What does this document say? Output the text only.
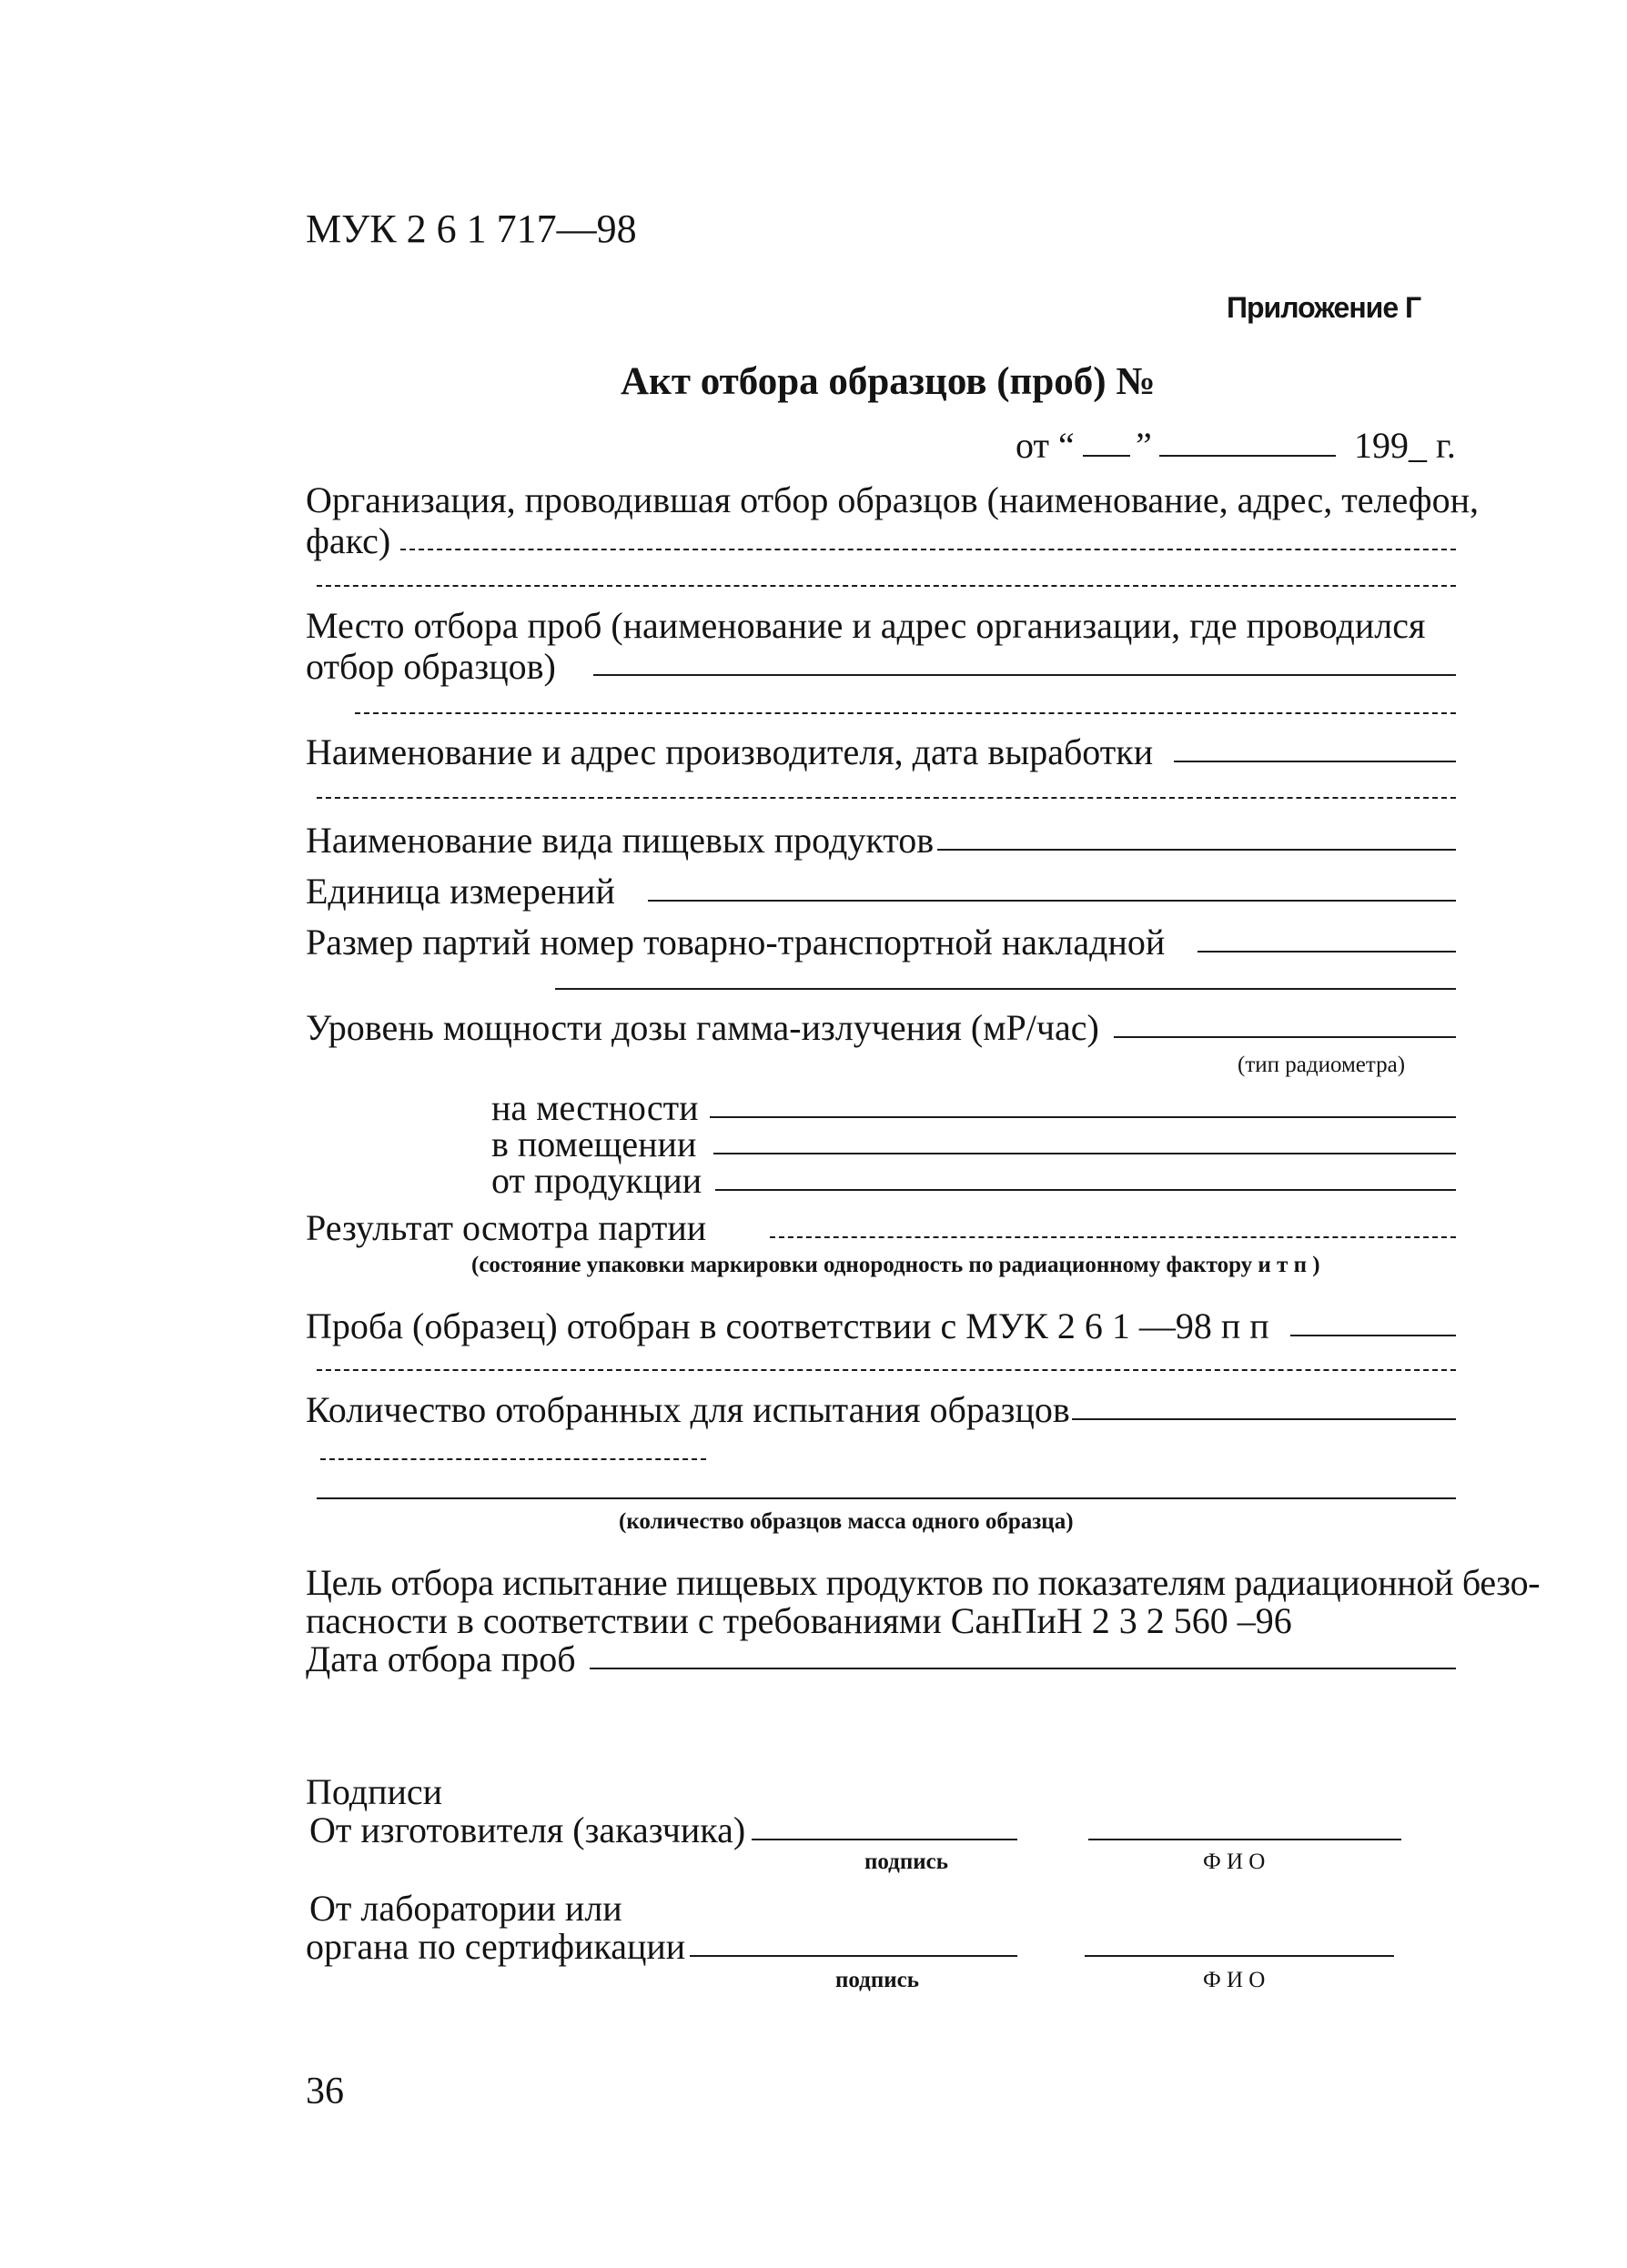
МУК 2 6 1 717—98
Приложение Г
Акт отбора образцов (проб) №
от “ ”	199_ г.
Организация, проводившая отбор образцов (наименование, адрес, телефон,
факс)
Место отбора проб (наименование и адрес организации, где проводился
отбор образцов)
Наименование и адрес производителя, дата выработки
Наименование вида пищевых продуктов
Единица измерений
Размер партий номер товарно-транспортной накладной
Уровень мощности дозы гамма-излучения (мР/час)
(тип радиометра)
на местности
в помещении
от продукции
Результат осмотра партии
(состояние упаковки маркировки однородность по радиационному фактору и т п )
Проба (образец) отобран в соответствии с МУК 2 6 1 —98 п п
Количество отобранных для испытания образцов
(количество образцов масса одного образца)
Цель отбора испытание пищевых продуктов по показателям радиационной безо-
пасности в соответствии с требованиями СанПиН 2 3 2 560 –96
Дата отбора проб
Подписи
От изготовителя (заказчика)
подпись	Ф И О
От лаборатории или
органа по сертификации
подпись	Ф И О
36
